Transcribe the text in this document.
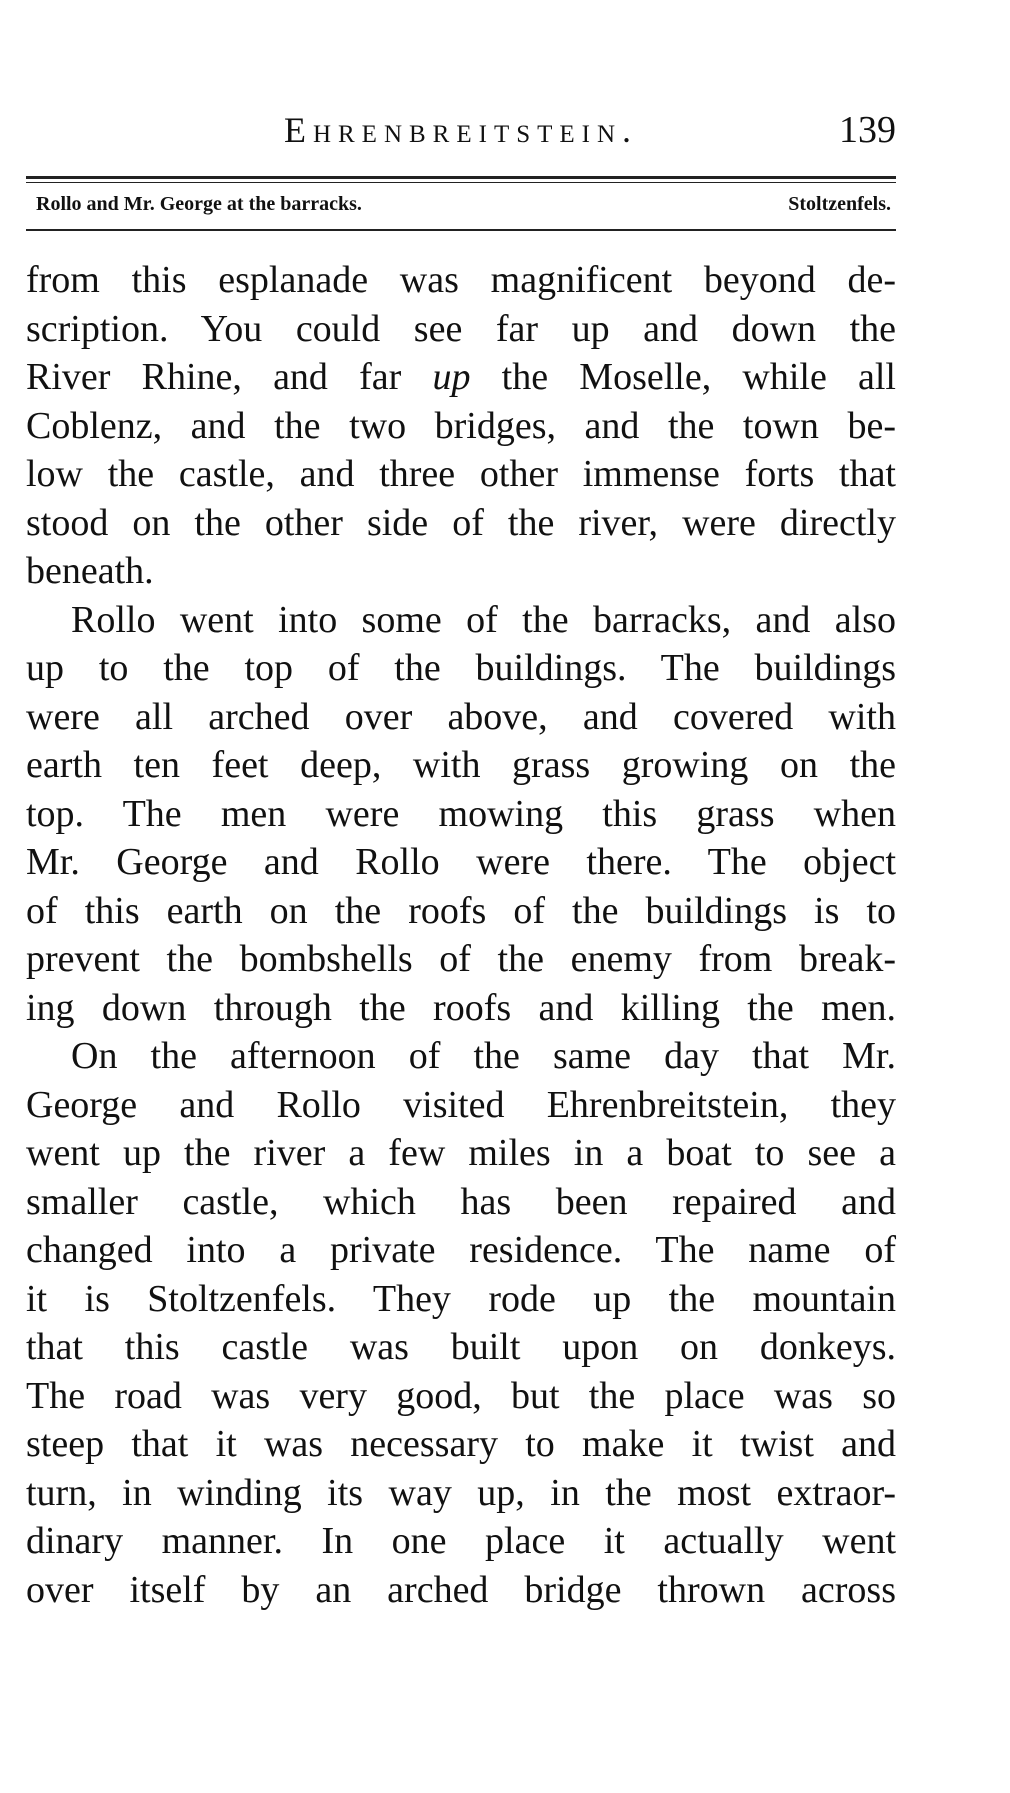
Ehrenbreitstein.	139
Rollo and Mr. George at the barracks.	Stoltzenfels.
from this esplanade was magnificent beyond de-
scription. You could see far up and down the
River Rhine, and far up the Moselle, while all
Coblenz, and the two bridges, and the town be-
low the castle, and three other immense forts that
stood on the other side of the river, were directly
beneath.
Rollo went into some of the barracks, and also
up to the top of the buildings. The buildings
were all arched over above, and covered with
earth ten feet deep, with grass growing on the
top. The men were mowing this grass when
Mr. George and Rollo were there. The object
of this earth on the roofs of the buildings is to
prevent the bombshells of the enemy from break-
ing down through the roofs and killing the men.
On the afternoon of the same day that Mr.
George and Rollo visited Ehrenbreitstein, they
went up the river a few miles in a boat to see a
smaller castle, which has been repaired and
changed into a private residence. The name of
it is Stoltzenfels. They rode up the mountain
that this castle was built upon on donkeys.
The road was very good, but the place was so
steep that it was necessary to make it twist and
turn, in winding its way up, in the most extraor-
dinary manner. In one place it actually went
over itself by an arched bridge thrown across
